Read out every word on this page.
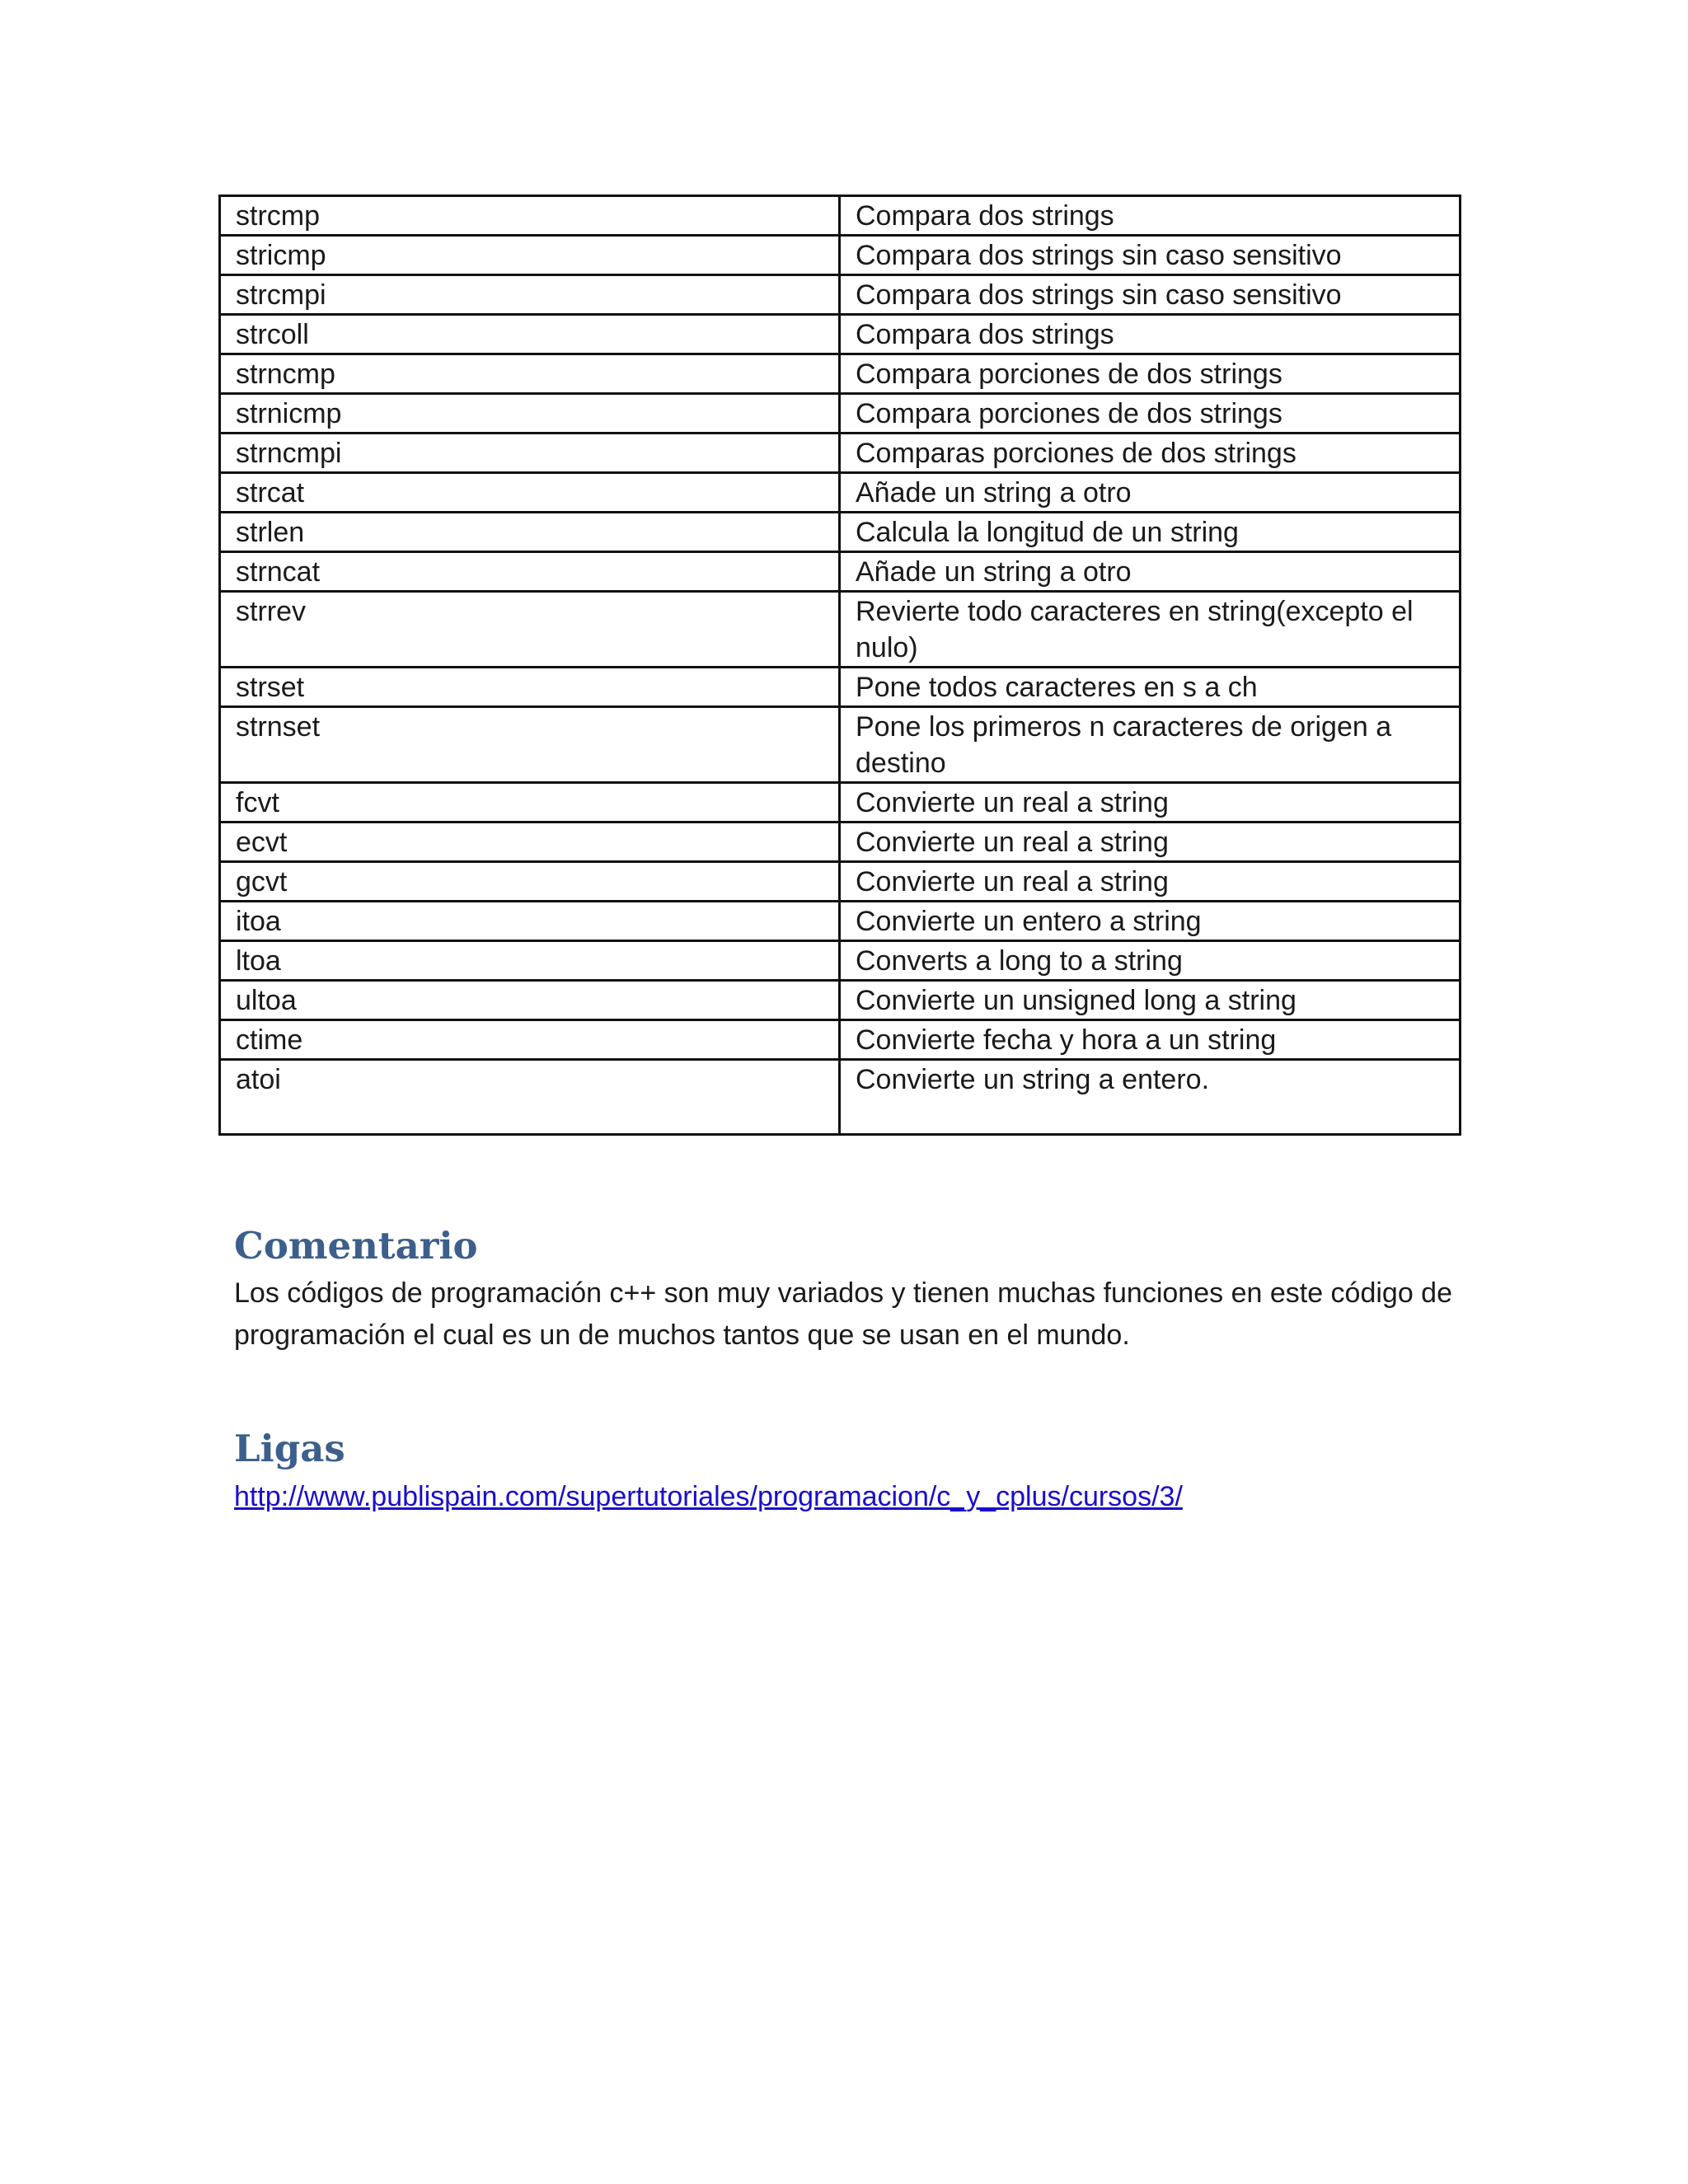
strcmp	Compara dos strings
stricmp	Compara dos strings sin caso sensitivo
strcmpi	Compara dos strings sin caso sensitivo
strcoll	Compara dos strings
strncmp	Compara porciones de dos strings
strnicmp	Compara porciones de dos strings
strncmpi	Comparas porciones de dos strings
strcat	Añade un string a otro
strlen	Calcula la longitud de un string
strncat	Añade un string a otro
strrev	Revierte todo caracteres en string(excepto el nulo)
strset	Pone todos caracteres en s a ch
strnset	Pone los primeros n caracteres de origen a destino
fcvt	Convierte un real a string
ecvt	Convierte un real a string
gcvt	Convierte un real a string
itoa	Convierte un entero a string
ltoa	Converts a long to a string
ultoa	Convierte un unsigned long a string
ctime	Convierte fecha y hora a un string
atoi	Convierte un string a entero.
Comentario

Los códigos de programación c++ son muy variados y tienen muchas funciones en este código de programación el cual es un de muchos tantos que se usan en el mundo.

Ligas
http://www.publispain.com/supertutoriales/programacion/c_y_cplus/cursos/3/
